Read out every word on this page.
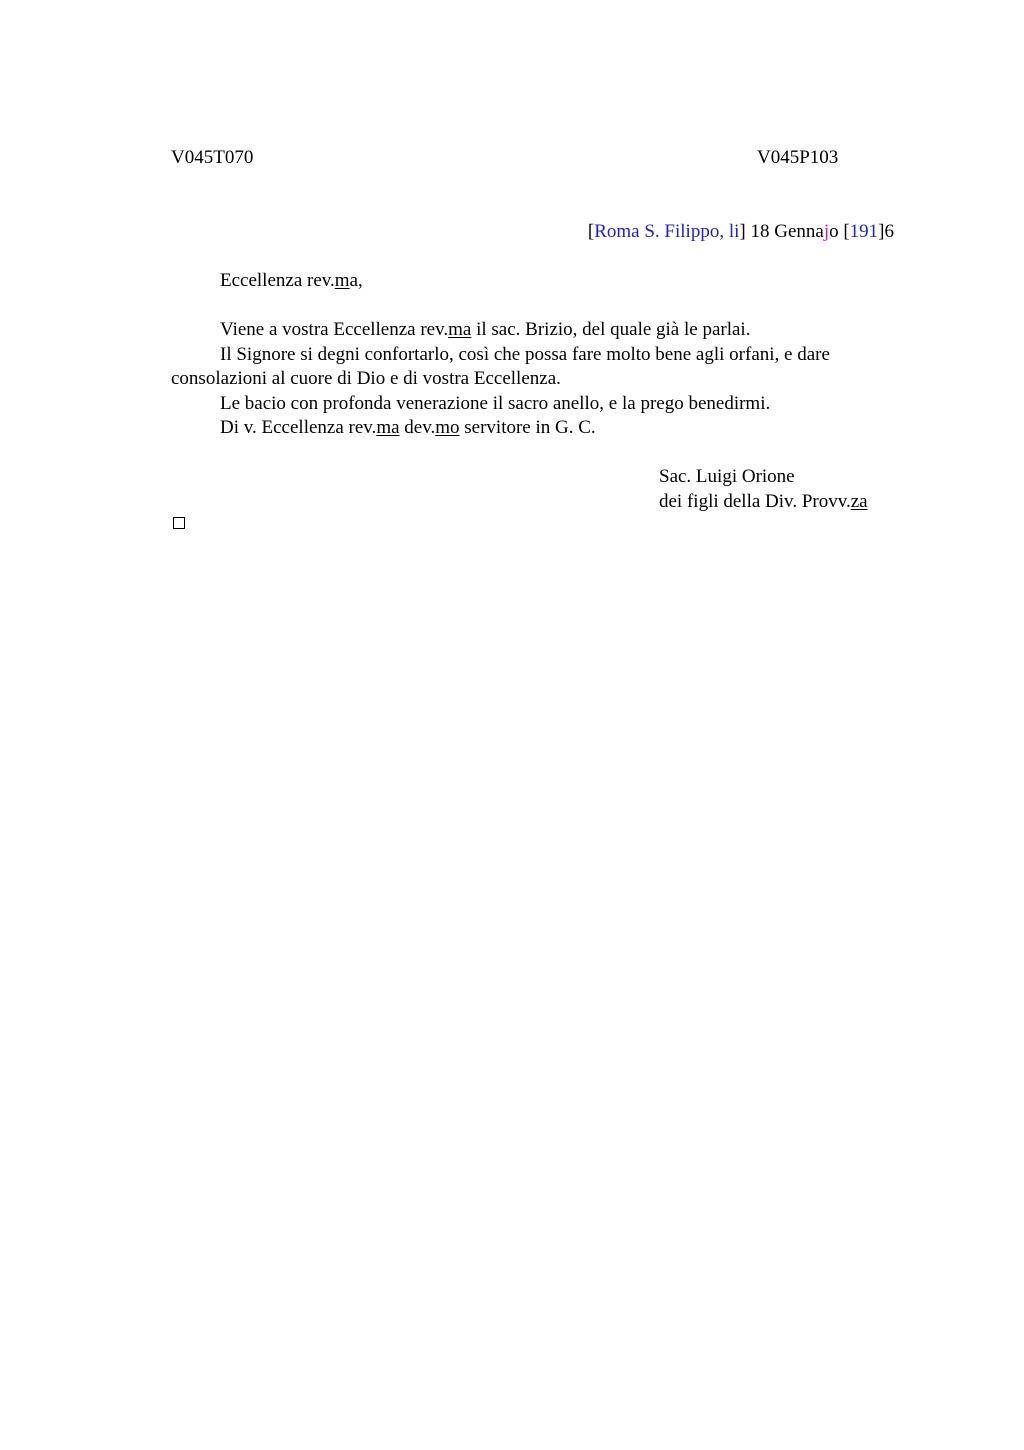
V045T070	V045P103
[Roma S. Filippo, li] 18 Gennajo [191]6
Eccellenza rev.ma,

Viene a vostra Eccellenza rev.ma il sac. Brizio, del quale già le parlai.

Il Signore si degni confortarlo, così che possa fare molto bene agli orfani, e dare consolazioni al cuore di Dio e di vostra Eccellenza.

Le bacio con profonda venerazione il sacro anello, e la prego benedirmi.

Di v. Eccellenza rev.ma dev.mo servitore in G. C.

Sac. Luigi Orione
dei figli della Div. Provv.za
